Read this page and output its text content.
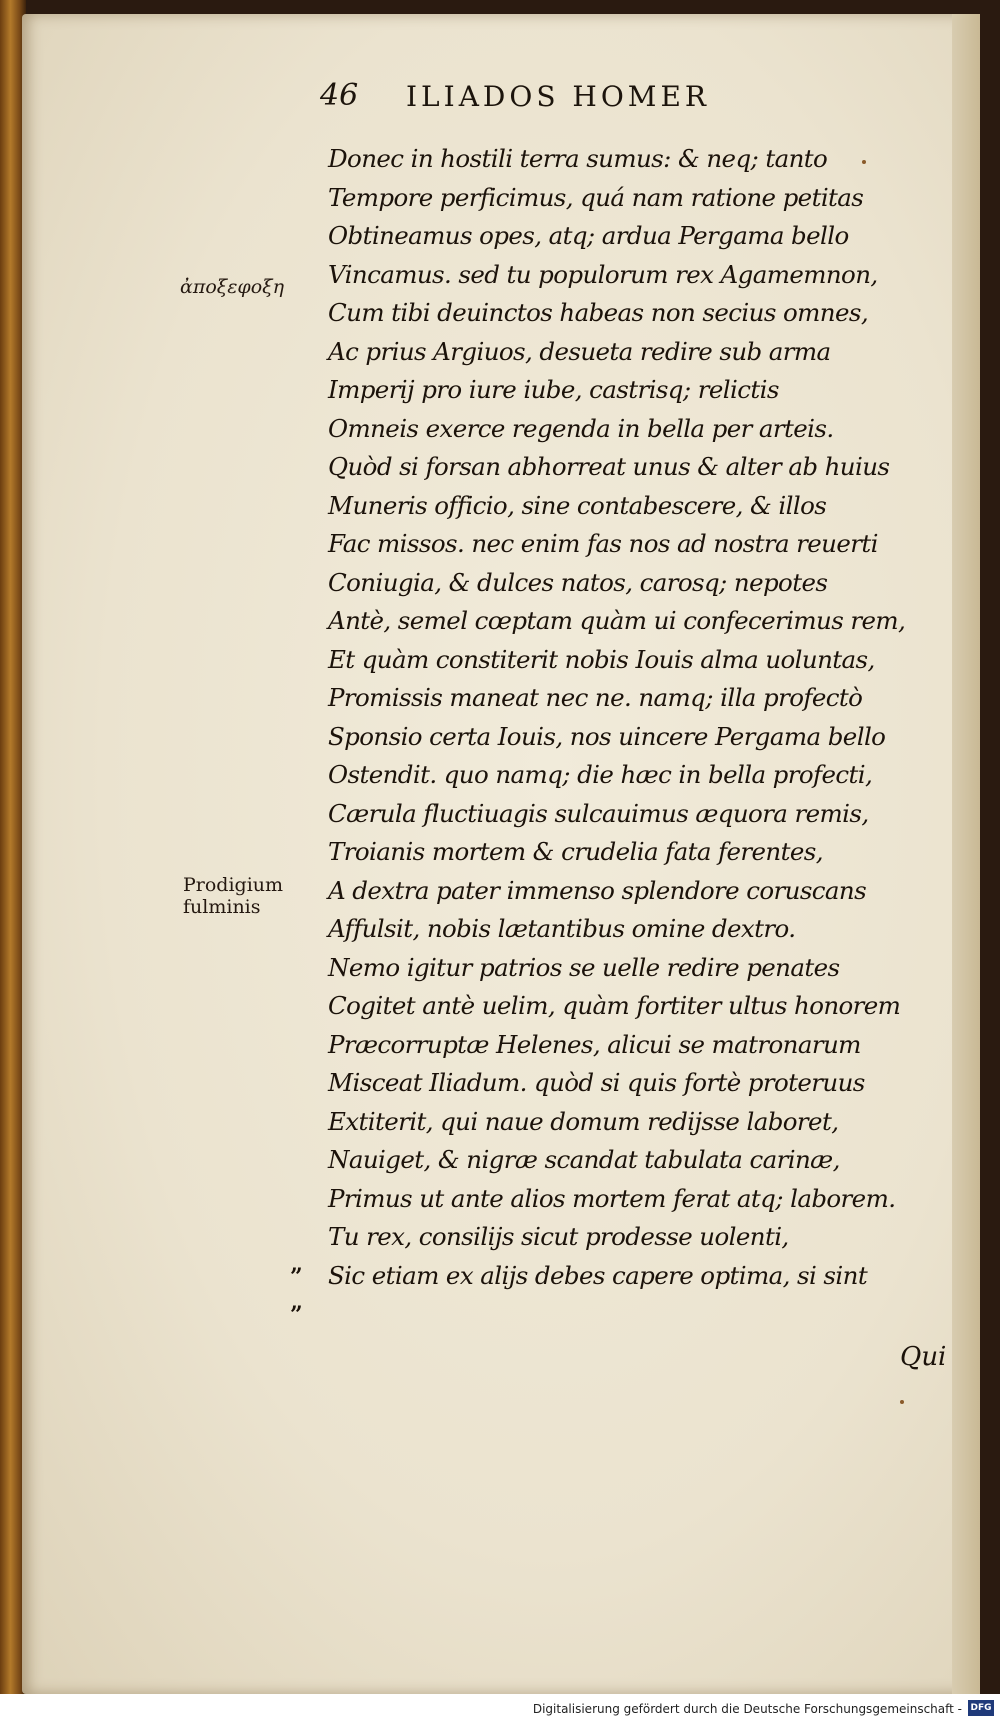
46 ILIADOS HOMER
ἀποξεφοξη
Prodigium
fulminis
”
”
Donec in hostili terra sumus: & neq; tanto
Tempore perficimus, quá nam ratione petitas
Obtineamus opes, atq; ardua Pergama bello
Vincamus. sed tu populorum rex Agamemnon,
Cum tibi deuinctos habeas non secius omnes,
Ac prius Argiuos, desueta redire sub arma
Imperij pro iure iube, castrisq; relictis
Omneis exerce regenda in bella per arteis.
Quòd si forsan abhorreat unus & alter ab huius
Muneris officio, sine contabescere, & illos
Fac missos. nec enim fas nos ad nostra reuerti
Coniugia, & dulces natos, carosq; nepotes
Antè, semel cœptam quàm ui confecerimus rem,
Et quàm constiterit nobis Iouis alma uoluntas,
Promissis maneat nec ne. namq; illa profectò
Sponsio certa Iouis, nos uincere Pergama bello
Ostendit. quo namq; die hæc in bella profecti,
Cærula fluctiuagis sulcauimus æquora remis,
Troianis mortem & crudelia fata ferentes,
A dextra pater immenso splendore coruscans
Affulsit, nobis lætantibus omine dextro.
Nemo igitur patrios se uelle redire penates
Cogitet antè uelim, quàm fortiter ultus honorem
Præcorruptæ Helenes, alicui se matronarum
Misceat Iliadum. quòd si quis fortè proteruus
Extiterit, qui naue domum redijsse laboret,
Nauiget, & nigræ scandat tabulata carinæ,
Primus ut ante alios mortem ferat atq; laborem.
Tu rex, consilijs sicut prodesse uolenti,
Sic etiam ex alijs debes capere optima, si sint
Qui
Digitalisierung gefördert durch die Deutsche Forschungsgemeinschaft - DFG
